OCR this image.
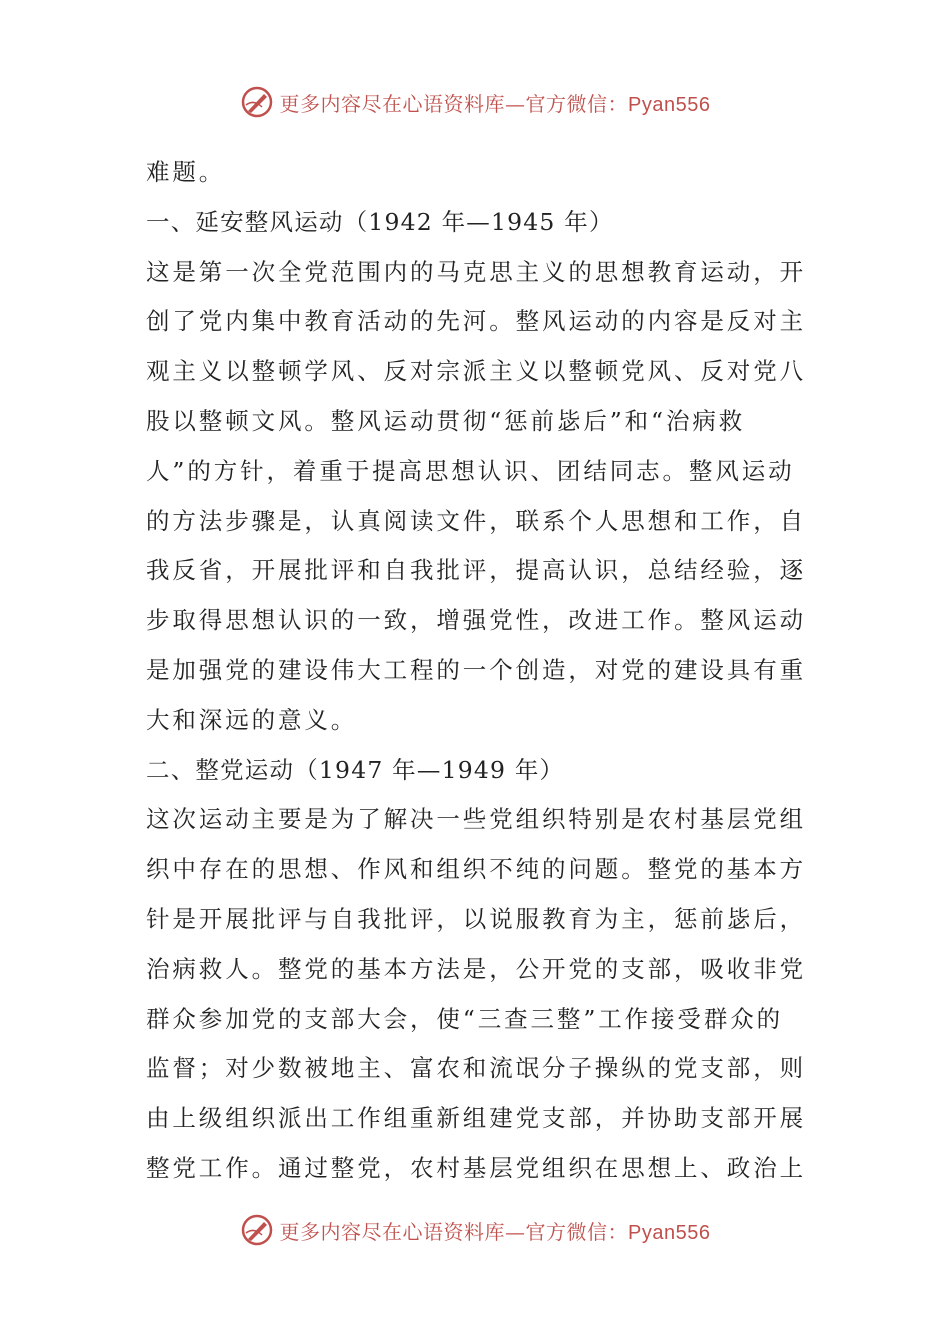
更多内容尽在心语资料库—官方微信：Pyan556
难题。
一、延安整风运动（1942 年—1945 年）
这是第一次全党范围内的马克思主义的思想教育运动，开
创了党内集中教育活动的先河。整风运动的内容是反对主
观主义以整顿学风、反对宗派主义以整顿党风、反对党八
股以整顿文风。整风运动贯彻“惩前毖后”和“治病救
人”的方针，着重于提高思想认识、团结同志。整风运动
的方法步骤是，认真阅读文件，联系个人思想和工作，自
我反省，开展批评和自我批评，提高认识，总结经验，逐
步取得思想认识的一致，增强党性，改进工作。整风运动
是加强党的建设伟大工程的一个创造，对党的建设具有重
大和深远的意义。
二、整党运动（1947 年—1949 年）
这次运动主要是为了解决一些党组织特别是农村基层党组
织中存在的思想、作风和组织不纯的问题。整党的基本方
针是开展批评与自我批评，以说服教育为主，惩前毖后，
治病救人。整党的基本方法是，公开党的支部，吸收非党
群众参加党的支部大会，使“三查三整”工作接受群众的
监督；对少数被地主、富农和流氓分子操纵的党支部，则
由上级组织派出工作组重新组建党支部，并协助支部开展
整党工作。通过整党，农村基层党组织在思想上、政治上
更多内容尽在心语资料库—官方微信：Pyan556
